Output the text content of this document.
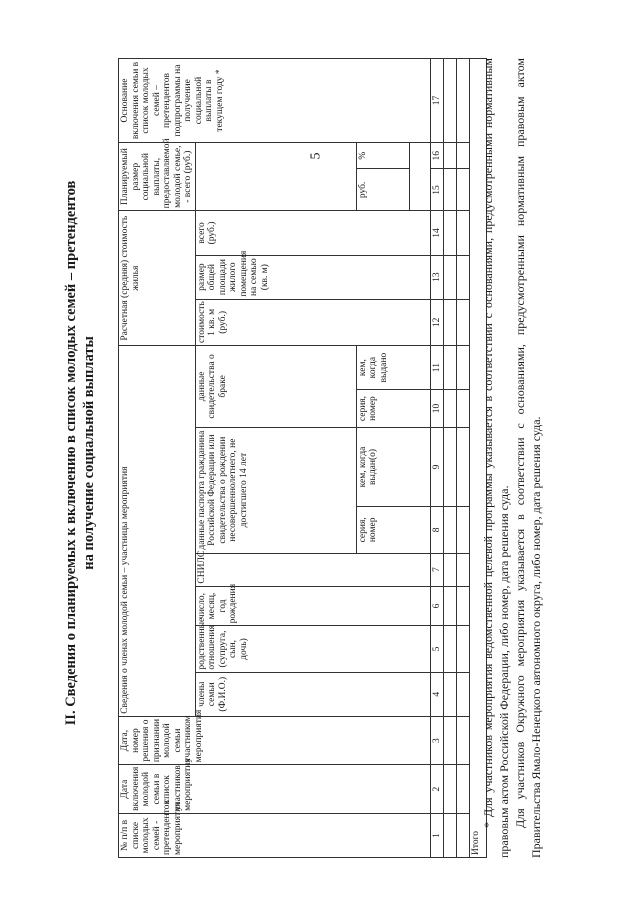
5
II. Сведения о планируемых к включению в список молодых семей – претендентов на получение социальной выплаты
№ п/п в списке молодых семей - претендентов мероприятия	Дата включения молодой семьи в список участников мероприятия	Дата, номер решения о признании молодой семьи участником мероприятия	Сведения о членах молодой семьи – участницы мероприятия								Расчетная (средняя) стоимость жилья			Планируемый размер социальной выплаты, предоставляемой молодой семье, - всего (руб.)		Основание включения семьи в список молодых семей – претендентов подпрограммы на получение социальной выплаты в текущем году *
			члены семьи (Ф.И.О.)	родственные отношения (супруга, сын, дочь)	число, месяц, год рождения	СНИЛС	данные паспорта гражданина Российской Федерации или свидетельства о рождении несовершеннолетнего, не достигшего 14 лет		данные свидетельства о браке		стоимость 1 кв. м (руб.)	размер общей площади жилого помещения на семью (кв. м)	всего (руб.)			
							серия, номер	кем, когда выдан(о)	серия, номер	кем, когда выдано				руб.	%	

1	2	3	4	5	6	7	8	9	10	11	12	13	14	15	16	17

Итого																

* Для участников мероприятия ведомственной целевой программы указывается в соответствии с основаниями, предусмотренными нормативным правовым актом Российской Федерации, либо номер, дата решения суда. Для участников Окружного мероприятия указывается в соответствии с основаниями, предусмотренными нормативным правовым актом Правительства Ямало-Ненецкого автономного округа, либо номер, дата решения суда.
